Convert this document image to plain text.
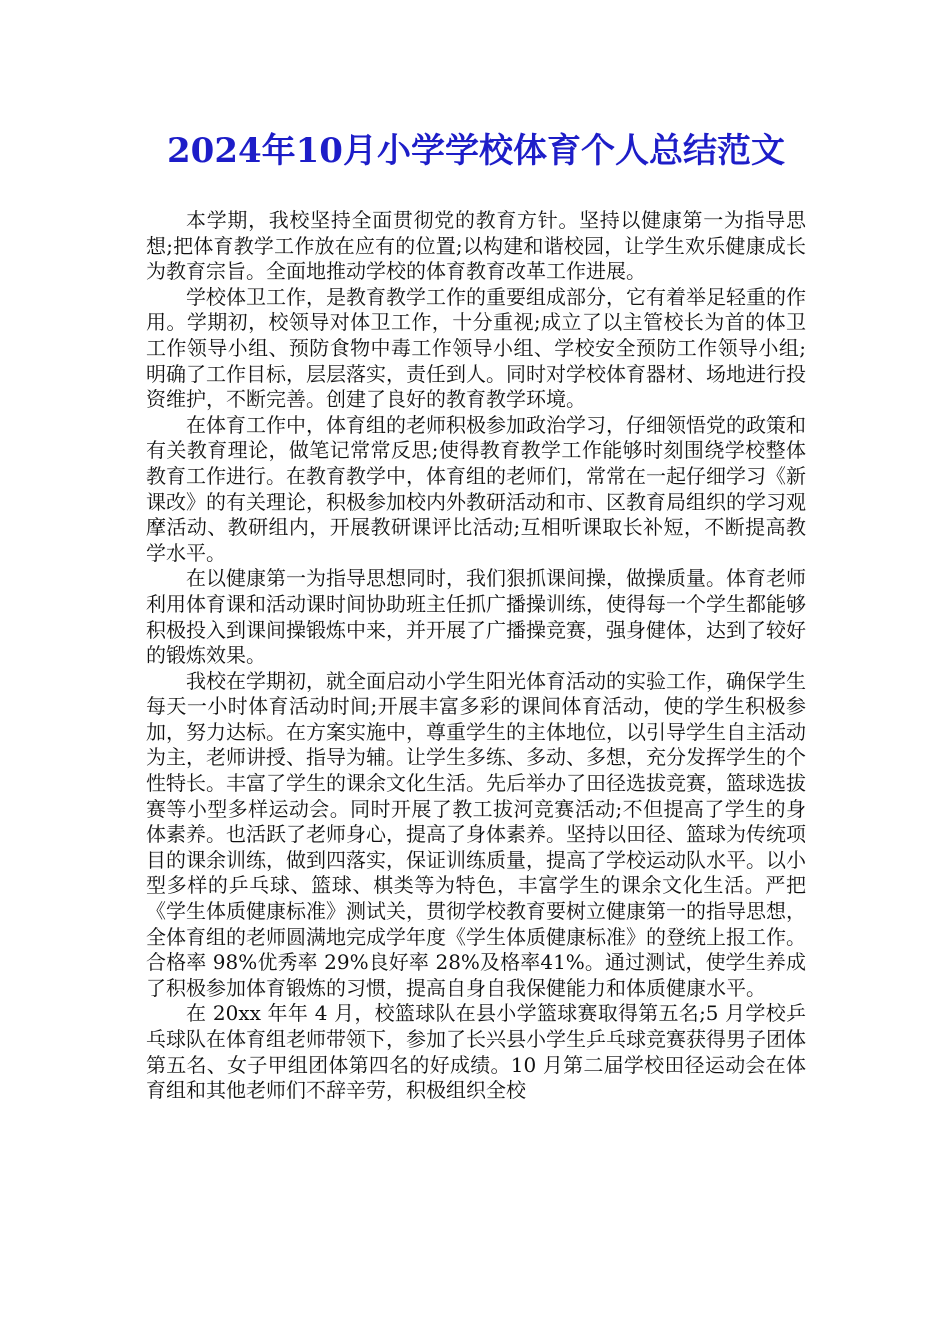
2024年10月小学学校体育个人总结范文

本学期，我校坚持全面贯彻党的教育方针。坚持以健康第一为指导思想;把体育教学工作放在应有的位置;以构建和谐校园，让学生欢乐健康成长为教育宗旨。全面地推动学校的体育教育改革工作进展。

学校体卫工作，是教育教学工作的重要组成部分，它有着举足轻重的作用。学期初，校领导对体卫工作，十分重视;成立了以主管校长为首的体卫工作领导小组、预防食物中毒工作领导小组、学校安全预防工作领导小组;明确了工作目标，层层落实，责任到人。同时对学校体育器材、场地进行投资维护，不断完善。创建了良好的教育教学环境。

在体育工作中，体育组的老师积极参加政治学习，仔细领悟党的政策和有关教育理论，做笔记常常反思;使得教育教学工作能够时刻围绕学校整体教育工作进行。在教育教学中，体育组的老师们，常常在一起仔细学习《新课改》的有关理论，积极参加校内外教研活动和市、区教育局组织的学习观摩活动、教研组内，开展教研课评比活动;互相听课取长补短，不断提高教学水平。

在以健康第一为指导思想同时，我们狠抓课间操，做操质量。体育老师利用体育课和活动课时间协助班主任抓广播操训练，使得每一个学生都能够积极投入到课间操锻炼中来，并开展了广播操竞赛，强身健体，达到了较好的锻炼效果。

我校在学期初，就全面启动小学生阳光体育活动的实验工作，确保学生每天一小时体育活动时间;开展丰富多彩的课间体育活动，使的学生积极参加，努力达标。在方案实施中，尊重学生的主体地位，以引导学生自主活动为主，老师讲授、指导为辅。让学生多练、多动、多想，充分发挥学生的个性特长。丰富了学生的课余文化生活。先后举办了田径选拔竞赛，篮球选拔赛等小型多样运动会。同时开展了教工拔河竞赛活动;不但提高了学生的身体素养。也活跃了老师身心，提高了身体素养。坚持以田径、篮球为传统项目的课余训练，做到四落实，保证训练质量，提高了学校运动队水平。以小型多样的乒乓球、篮球、棋类等为特色，丰富学生的课余文化生活。严把《学生体质健康标准》测试关，贯彻学校教育要树立健康第一的指导思想，全体育组的老师圆满地完成学年度《学生体质健康标准》的登统上报工作。合格率 98%优秀率 29%良好率 28%及格率41%。通过测试，使学生养成了积极参加体育锻炼的习惯，提高自身自我保健能力和体质健康水平。

在 20xx 年年 4 月，校篮球队在县小学篮球赛取得第五名;5 月学校乒乓球队在体育组老师带领下，参加了长兴县小学生乒乓球竞赛获得男子团体第五名、女子甲组团体第四名的好成绩。10 月第二届学校田径运动会在体育组和其他老师们不辞辛劳，积极组织全校
